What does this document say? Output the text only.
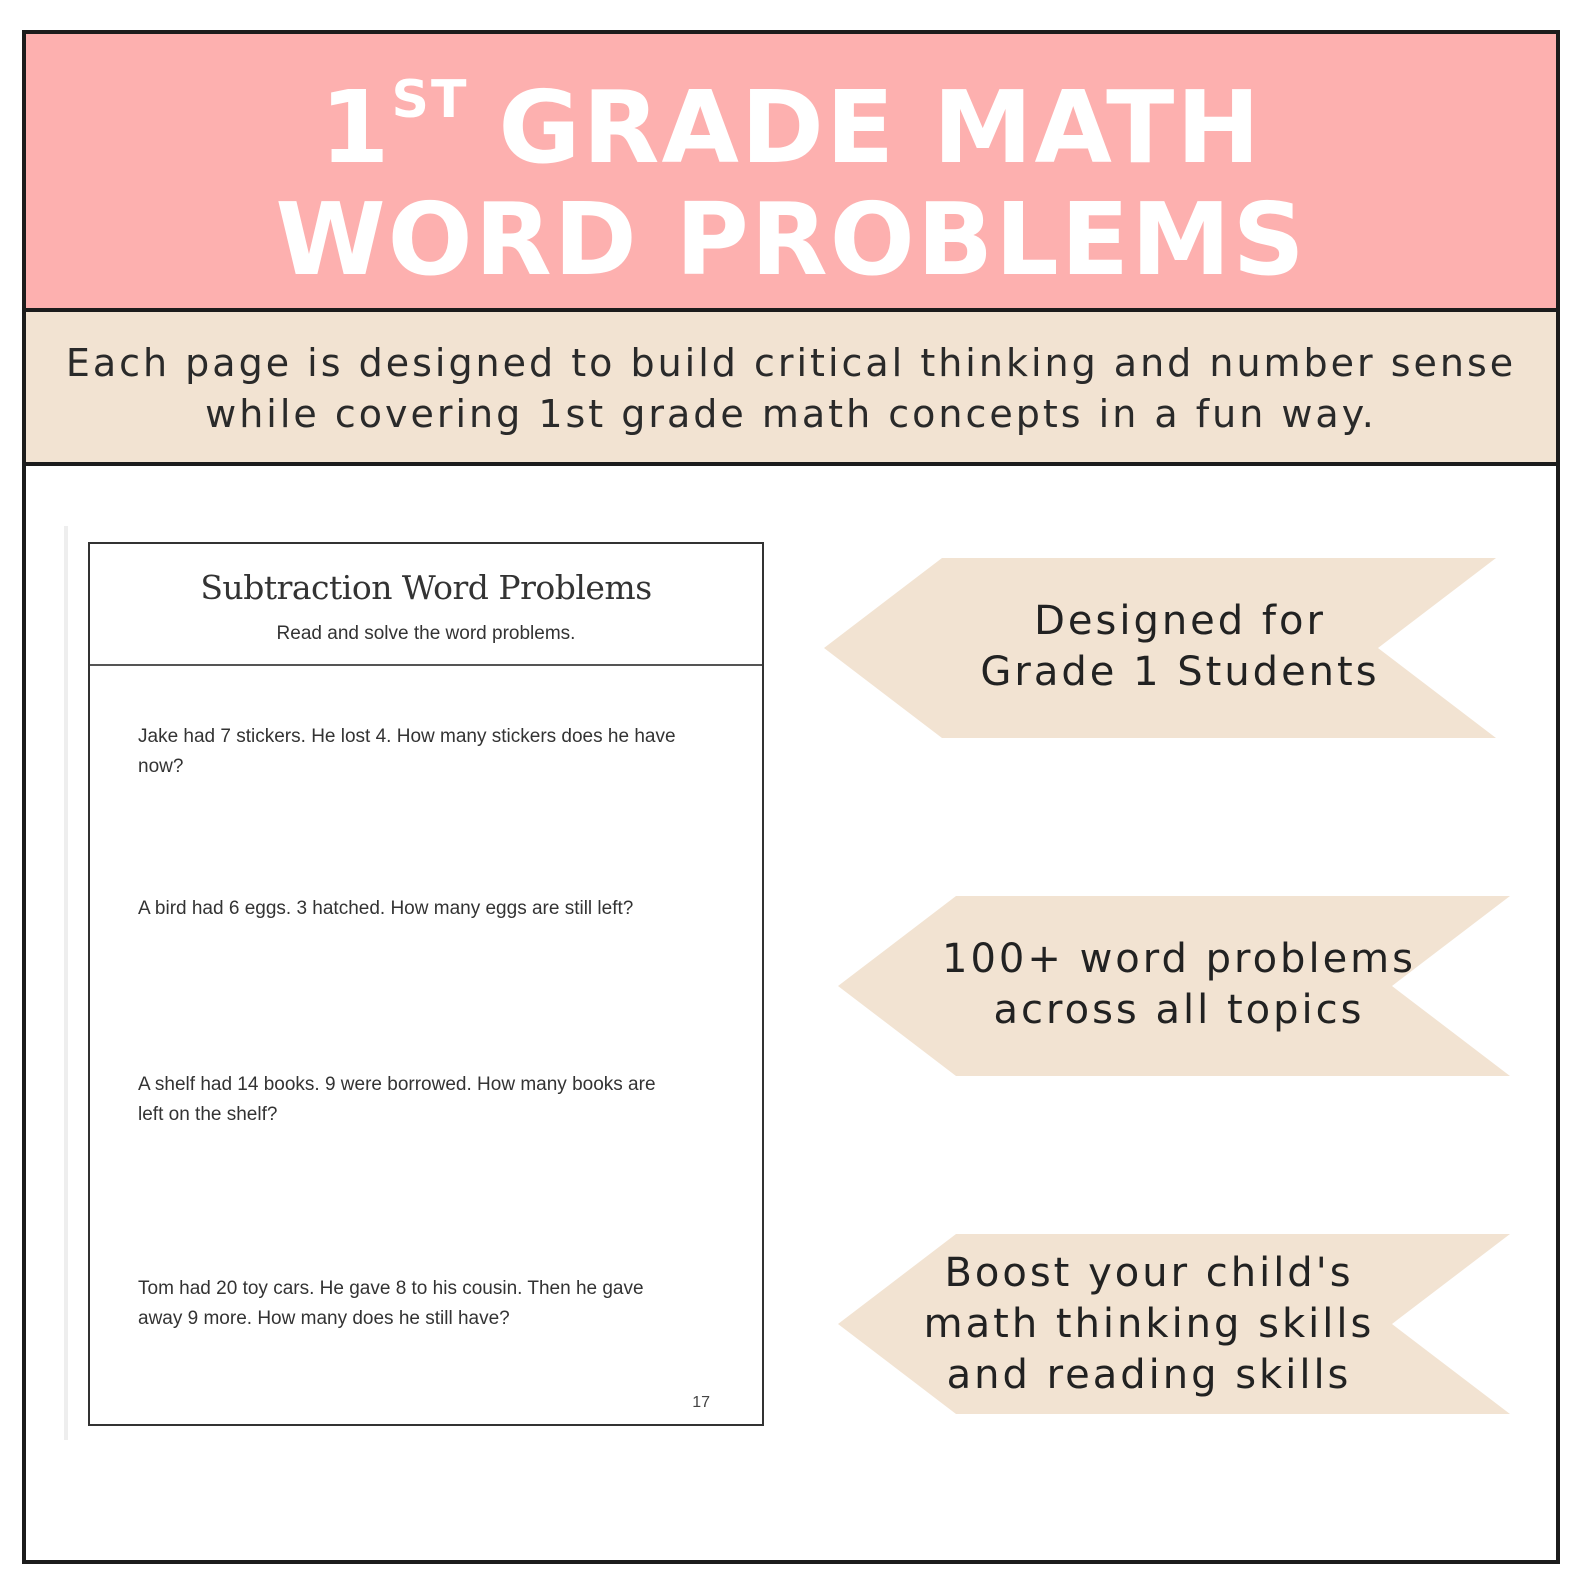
1ST GRADE MATH
WORD PROBLEMS
Each page is designed to build critical thinking and number sense
while covering 1st grade math concepts in a fun way.
Subtraction Word Problems
Read and solve the word problems.
Jake had 7 stickers. He lost 4. How many stickers does he have
now?
A bird had 6 eggs. 3 hatched. How many eggs are still left?
A shelf had 14 books. 9 were borrowed. How many books are
left on the shelf?
Tom had 20 toy cars. He gave 8 to his cousin. Then he gave
away 9 more. How many does he still have?
17
Designed for
Grade 1 Students
100+ word problems
across all topics
Boost your child's
math thinking skills
and reading skills
